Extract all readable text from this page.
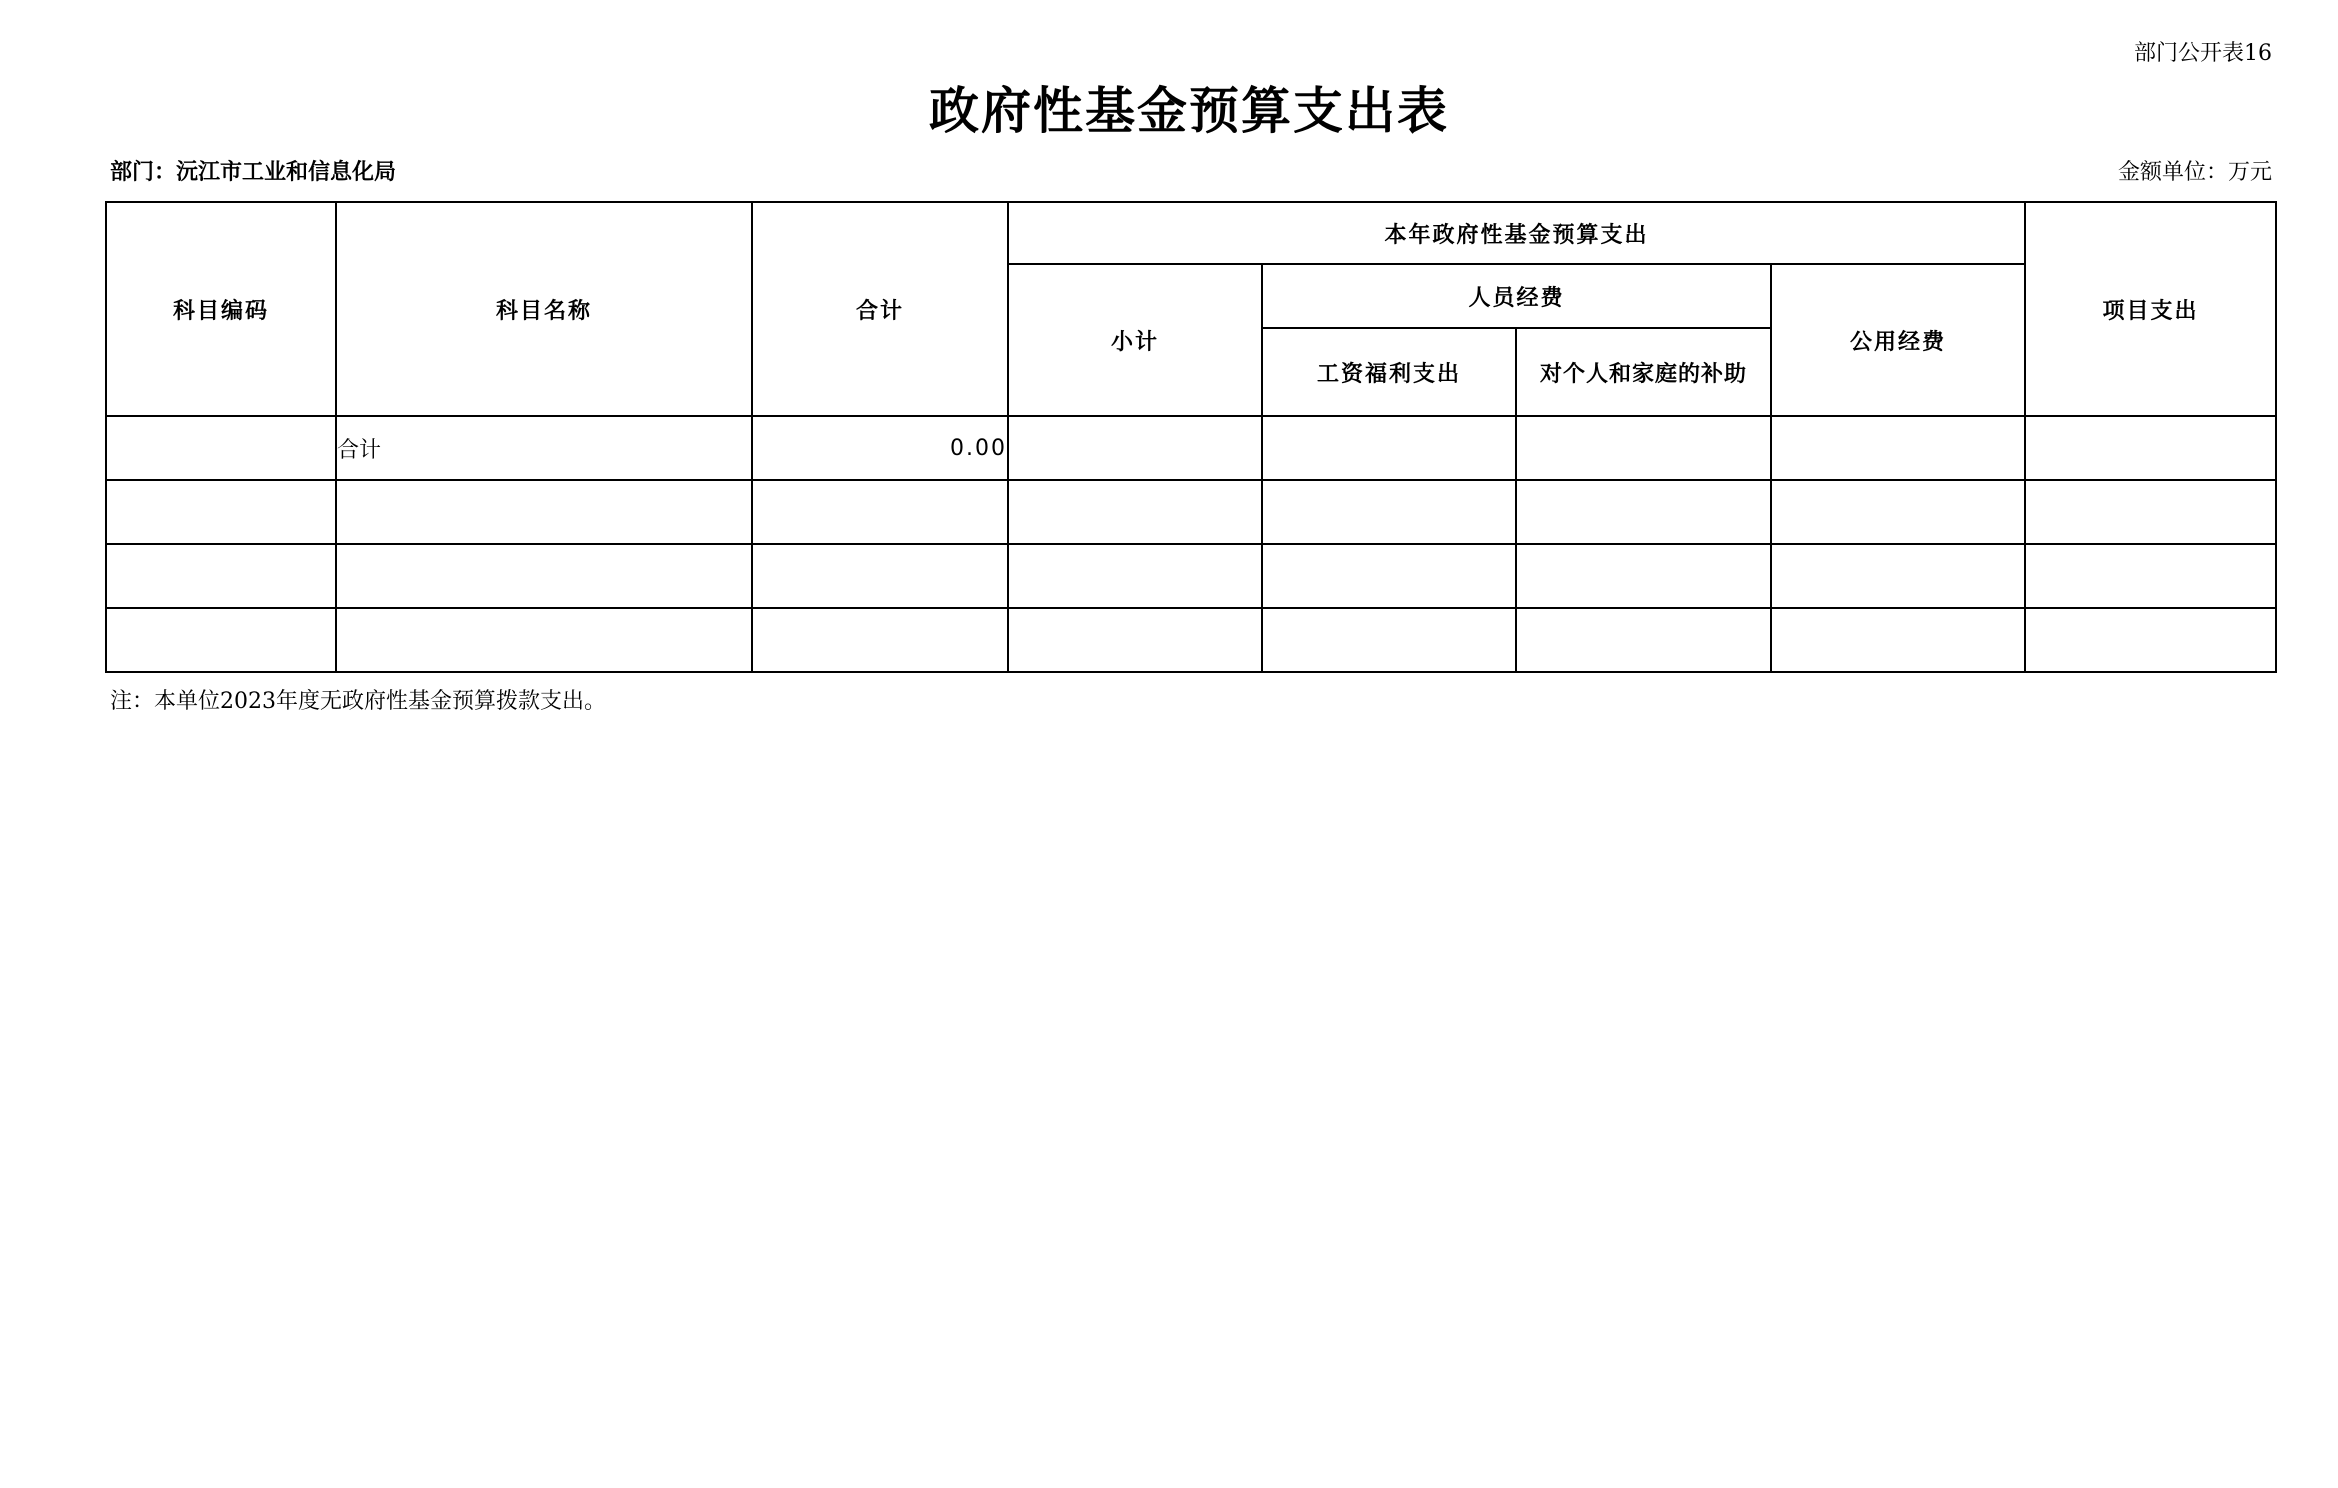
部门公开表16
政府性基金预算支出表
部门：沅江市工业和信息化局	金额单位：万元
科目编码	科目名称	合计	本年政府性基金预算支出				项目支出
			小计	人员经费		公用经费	
				工资福利支出	对个人和家庭的补助		
	合计	0.00					

注：本单位2023年度无政府性基金预算拨款支出。
